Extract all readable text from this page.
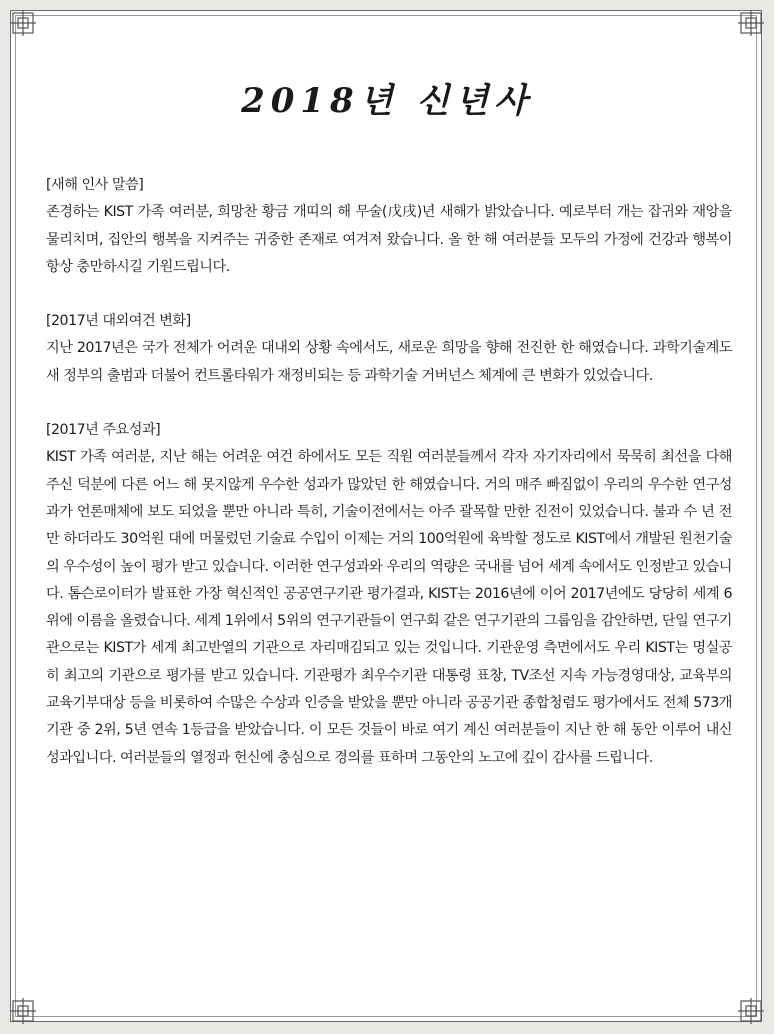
2018년 신년사

[새해 인사 말씀]

존경하는 KIST 가족 여러분, 희망찬 황금 개띠의 해 무술(戊戌)년 새해가 밝았습니다. 예로부터 개는 잡귀와 재앙을 물리치며, 집안의 행복을 지켜주는 귀중한 존재로 여겨져 왔습니다. 올 한 해 여러분들 모두의 가정에 건강과 행복이 항상 충만하시길 기원드립니다.

[2017년 대외여건 변화]

지난 2017년은 국가 전체가 어려운 대내외 상황 속에서도, 새로운 희망을 향해 전진한 한 해였습니다. 과학기술계도 새 정부의 출범과 더불어 컨트롤타워가 재정비되는 등 과학기술 거버넌스 체계에 큰 변화가 있었습니다.

[2017년 주요성과]

KIST 가족 여러분, 지난 해는 어려운 여건 하에서도 모든 직원 여러분들께서 각자 자기자리에서 묵묵히 최선을 다해주신 덕분에 다른 어느 해 못지않게 우수한 성과가 많았던 한 해였습니다. 거의 매주 빠짐없이 우리의 우수한 연구성과가 언론매체에 보도 되었을 뿐만 아니라 특히, 기술이전에서는 아주 괄목할 만한 진전이 있었습니다. 불과 수 년 전만 하더라도 30억원 대에 머물렀던 기술료 수입이 이제는 거의 100억원에 육박할 정도로 KIST에서 개발된 원천기술의 우수성이 높이 평가 받고 있습니다. 이러한 연구성과와 우리의 역량은 국내를 넘어 세계 속에서도 인정받고 있습니다. 톰슨로이터가 발표한 가장 혁신적인 공공연구기관 평가결과, KIST는 2016년에 이어 2017년에도 당당히 세계 6위에 이름을 올렸습니다. 세계 1위에서 5위의 연구기관들이 연구회 같은 연구기관의 그룹임을 감안하면, 단일 연구기관으로는 KIST가 세계 최고반열의 기관으로 자리매김되고 있는 것입니다. 기관운영 측면에서도 우리 KIST는 명실공히 최고의 기관으로 평가를 받고 있습니다. 기관평가 최우수기관 대통령 표창, TV조선 지속 가능경영대상, 교육부의 교육기부대상 등을 비롯하여 수많은 수상과 인증을 받았을 뿐만 아니라 공공기관 종합청렴도 평가에서도 전체 573개 기관 중 2위, 5년 연속 1등급을 받았습니다. 이 모든 것들이 바로 여기 계신 여러분들이 지난 한 해 동안 이루어 내신 성과입니다. 여러분들의 열정과 헌신에 충심으로 경의를 표하며 그동안의 노고에 깊이 감사를 드립니다.
